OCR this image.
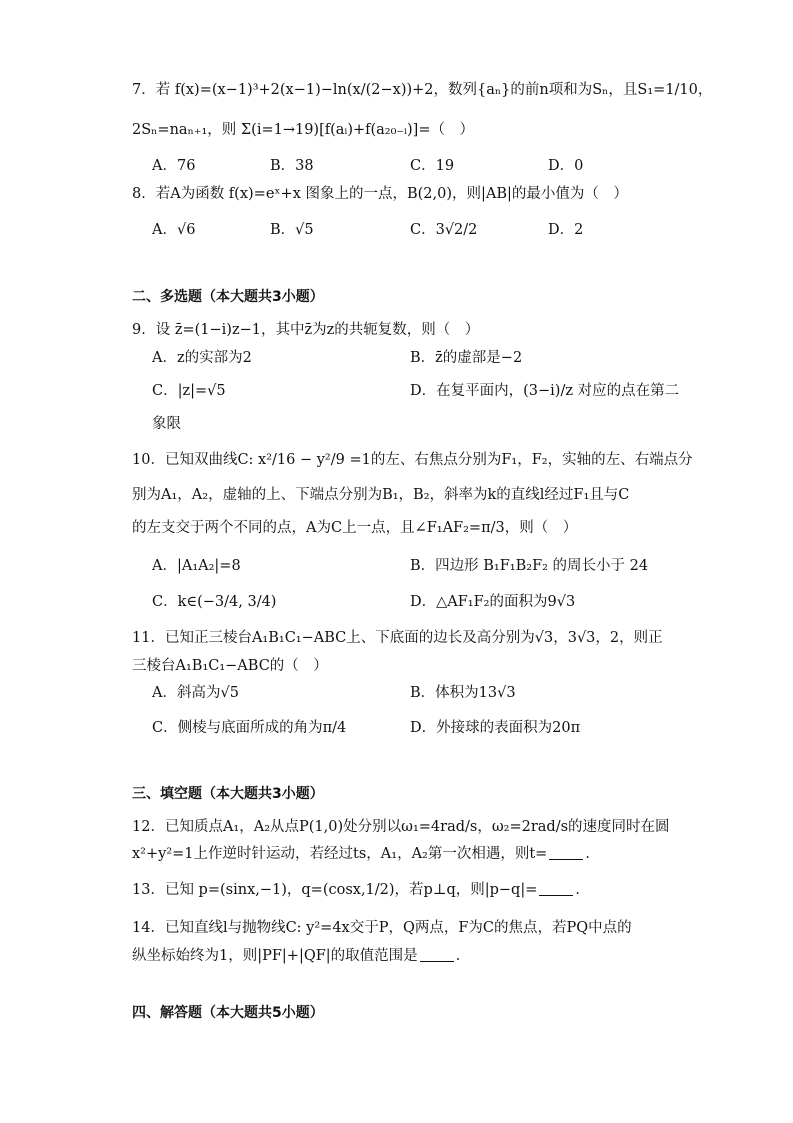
7．若 f(x)=(x−1)³+2(x−1)−ln(x/(2−x))+2，数列{aₙ}的前n项和为Sₙ，且S₁=1/10，
2Sₙ=naₙ₊₁，则 Σ(i=1→19)[f(aᵢ)+f(a₂₀₋ᵢ)]=（　）
A．76	B．38	C．19	D．0
8．若A为函数 f(x)=eˣ+x 图象上的一点，B(2,0)，则|AB|的最小值为（　）
A．√6	B．√5	C．3√2/2	D．2
二、多选题（本大题共3小题）
9．设 z̄=(1−i)z−1，其中z̄为z的共轭复数，则（　）
A．z的实部为2	B．z̄的虚部是−2
C．|z|=√5	D．在复平面内，(3−i)/z 对应的点在第二
象限
10．已知双曲线C: x²/16 − y²/9 =1的左、右焦点分别为F₁，F₂，实轴的左、右端点分
别为A₁，A₂，虚轴的上、下端点分别为B₁，B₂，斜率为k的直线l经过F₁且与C
的左支交于两个不同的点，A为C上一点，且∠F₁AF₂=π/3，则（　）
A．|A₁A₂|=8	B．四边形 B₁F₁B₂F₂ 的周长小于 24
C．k∈(−3/4, 3/4)	D．△AF₁F₂的面积为9√3
11．已知正三棱台A₁B₁C₁−ABC上、下底面的边长及高分别为√3，3√3，2，则正
三棱台A₁B₁C₁−ABC的（　）
A．斜高为√5	B．体积为13√3
C．侧棱与底面所成的角为π/4	D．外接球的表面积为20π
三、填空题（本大题共3小题）
12．已知质点A₁，A₂从点P(1,0)处分别以ω₁=4rad/s，ω₂=2rad/s的速度同时在圆
x²+y²=1上作逆时针运动，若经过ts，A₁，A₂第一次相遇，则t=	．
13．已知 p=(sinx,−1)，q=(cosx,1/2)，若p⊥q，则|p−q|=	．
14．已知直线l与抛物线C: y²=4x交于P，Q两点，F为C的焦点，若PQ中点的
纵坐标始终为1，则|PF|+|QF|的取值范围是	．
四、解答题（本大题共5小题）
